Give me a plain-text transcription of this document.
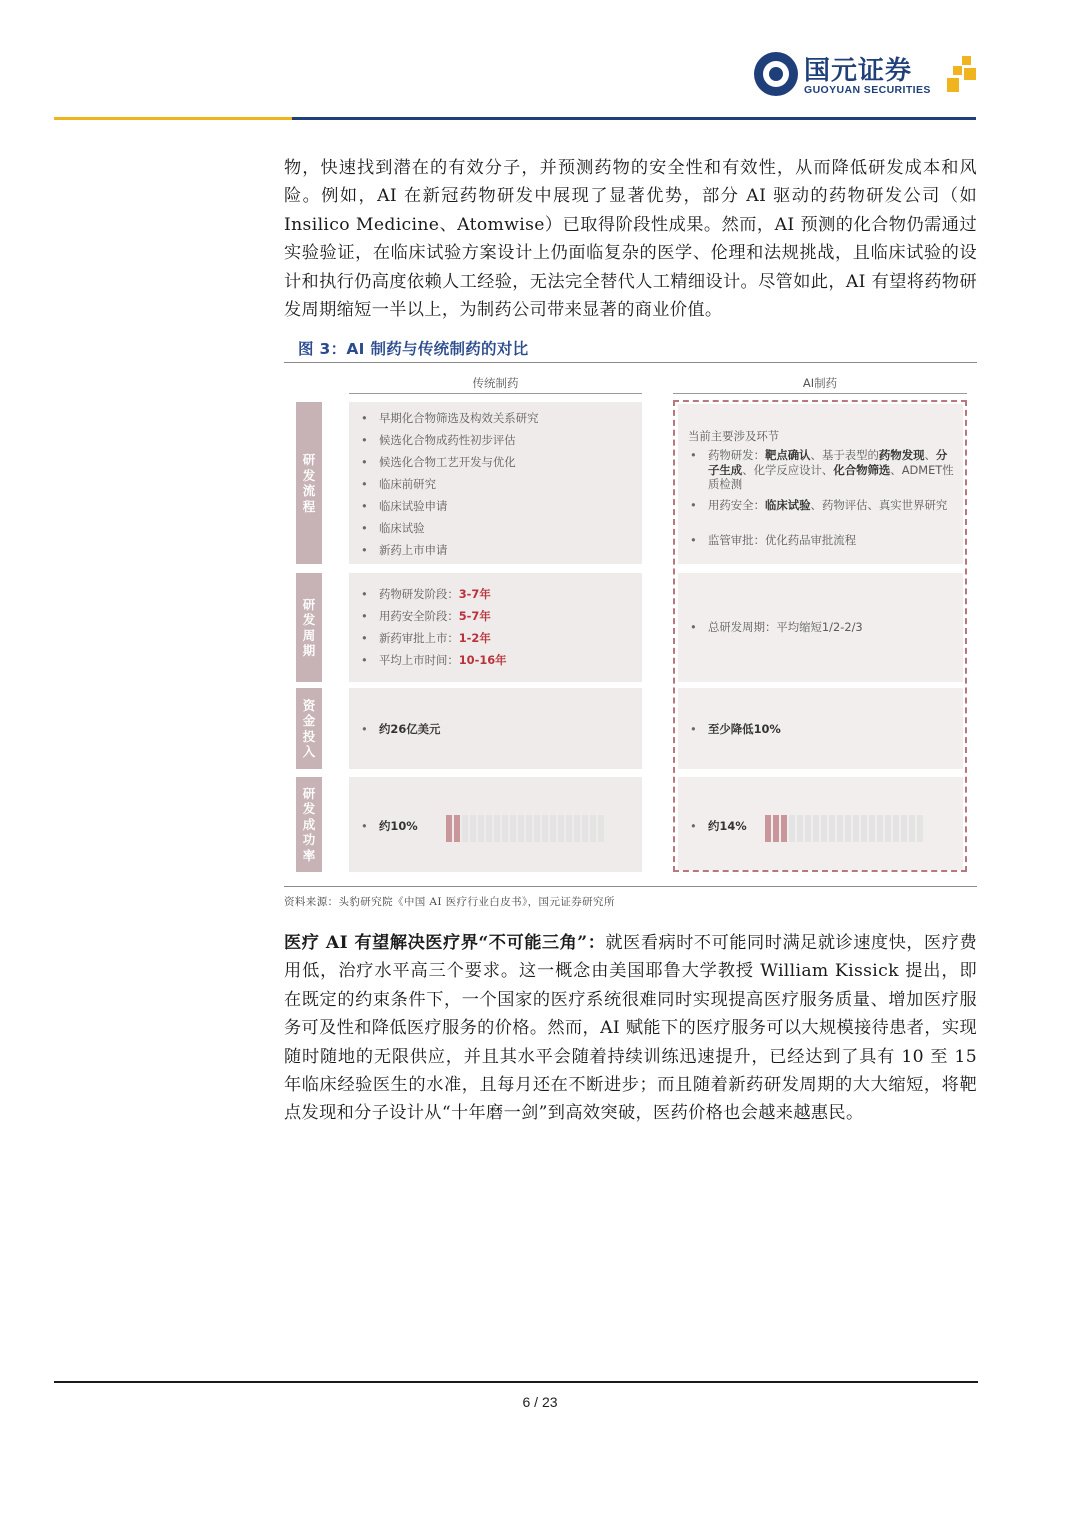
国元证券
GUOYUAN SECURITIES

物，快速找到潜在的有效分子，并预测药物的安全性和有效性，从而降低研发成本和风险。例如，AI 在新冠药物研发中展现了显著优势，部分 AI 驱动的药物研发公司（如 Insilico Medicine、Atomwise）已取得阶段性成果。然而，AI 预测的化合物仍需通过实验验证，在临床试验方案设计上仍面临复杂的医学、伦理和法规挑战，且临床试验的设计和执行仍高度依赖人工经验，无法完全替代人工精细设计。尽管如此，AI 有望将药物研发周期缩短一半以上，为制药公司带来显著的商业价值。

图 3：AI 制药与传统制药的对比
传统制药	AI制药
研
发
流
程
研
发
周
期
资
金
投
入
研
发
成
功
率
• 早期化合物筛选及构效关系研究
• 候选化合物成药性初步评估
• 候选化合物工艺开发与优化
• 临床前研究
• 临床试验申请
• 临床试验
• 新药上市申请
• 药物研发阶段：3-7年
• 用药安全阶段：5-7年
• 新药审批上市：1-2年
• 平均上市时间：10-16年
• 约26亿美元
• 约10%
当前主要涉及环节
• 药物研发：靶点确认、基于表型的药物发现、分子生成、化学反应设计、化合物筛选、ADMET性质检测
• 用药安全：临床试验、药物评估、真实世界研究
• 监管审批：优化药品审批流程
• 总研发周期：平均缩短1/2-2/3
• 至少降低10%
• 约14%
资料来源：头豹研究院《中国 AI 医疗行业白皮书》，国元证券研究所

医疗 AI 有望解决医疗界“不可能三角”：就医看病时不可能同时满足就诊速度快，医疗费用低，治疗水平高三个要求。这一概念由美国耶鲁大学教授 William Kissick 提出，即在既定的约束条件下，一个国家的医疗系统很难同时实现提高医疗服务质量、增加医疗服务可及性和降低医疗服务的价格。然而，AI 赋能下的医疗服务可以大规模接待患者，实现随时随地的无限供应，并且其水平会随着持续训练迅速提升，已经达到了具有 10 至 15 年临床经验医生的水准，且每月还在不断进步；而且随着新药研发周期的大大缩短，将靶点发现和分子设计从“十年磨一剑”到高效突破，医药价格也会越来越惠民。

6 / 23
